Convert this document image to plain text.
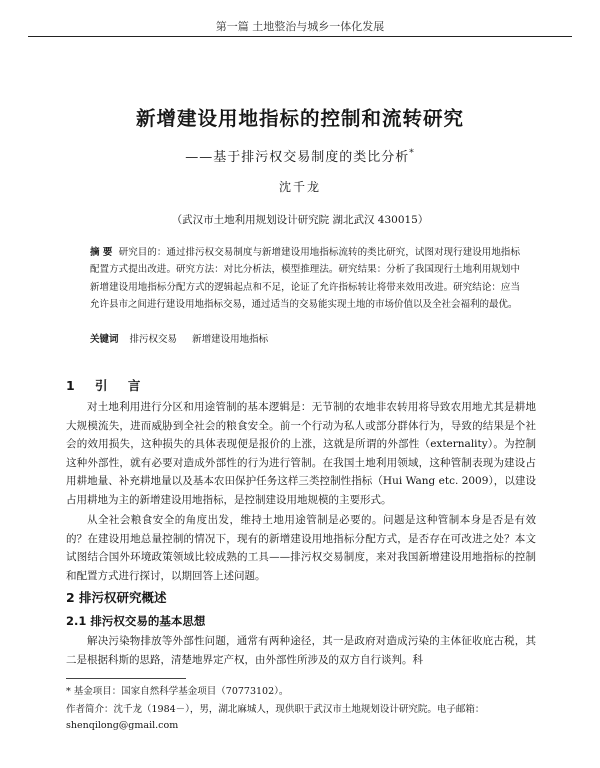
第一篇 土地整治与城乡一体化发展
新增建设用地指标的控制和流转研究
——基于排污权交易制度的类比分析*
沈千龙
（武汉市土地利用规划设计研究院 湖北武汉 430015）
摘 要 研究目的：通过排污权交易制度与新增建设用地指标流转的类比研究，试图对现行建设用地指标配置方式提出改进。研究方法：对比分析法，模型推理法。研究结果：分析了我国现行土地利用规划中新增建设用地指标分配方式的逻辑起点和不足，论证了允许指标转让将带来效用改进。研究结论：应当允许县市之间进行建设用地指标交易，通过适当的交易能实现土地的市场价值以及全社会福利的最优。
关键词 排污权交易 新增建设用地指标
1 引 言

对土地利用进行分区和用途管制的基本逻辑是：无节制的农地非农转用将导致农用地尤其是耕地大规模流失，进而威胁到全社会的粮食安全。前一个行动为私人或部分群体行为，导致的结果是个社会的效用损失，这种损失的具体表现便是报价的上涨，这就是所谓的外部性（externality）。为控制这种外部性，就有必要对造成外部性的行为进行管制。在我国土地利用领域，这种管制表现为建设占用耕地量、补充耕地量以及基本农田保护任务这样三类控制性指标（Hui Wang etc. 2009），以建设占用耕地为主的新增建设用地指标，是控制建设用地规模的主要形式。

从全社会粮食安全的角度出发，维持土地用途管制是必要的。问题是这种管制本身是否是有效的？在建设用地总量控制的情况下，现有的新增建设用地指标分配方式，是否存在可改进之处？本文试图结合国外环境政策领域比较成熟的工具——排污权交易制度，来对我国新增建设用地指标的控制和配置方式进行探讨，以期回答上述问题。

2 排污权研究概述
2.1 排污权交易的基本思想

解决污染物排放等外部性问题，通常有两种途径，其一是政府对造成污染的主体征收庇古税，其二是根据科斯的思路，清楚地界定产权，由外部性所涉及的双方自行谈判。科

* 基金项目：国家自然科学基金项目（70773102）。
作者简介：沈千龙（1984－），男，湖北麻城人，现供职于武汉市土地规划设计研究院。电子邮箱：shenqilong@gmail.com
